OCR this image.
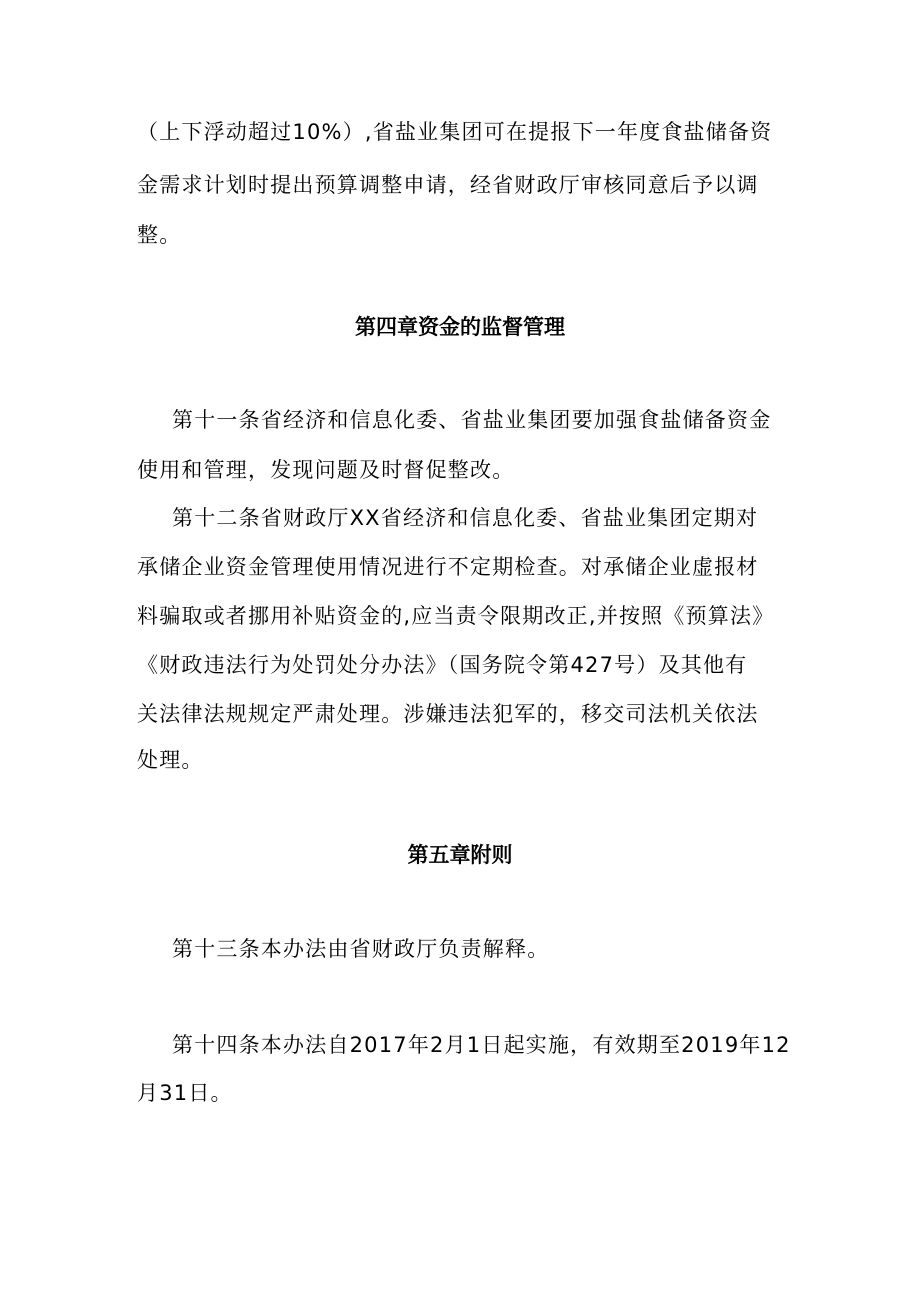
（上下浮动超过10%）,省盐业集团可在提报下一年度食盐储备资
金需求计划时提出预算调整申请，经省财政厅审核同意后予以调
整。
第四章资金的监督管理
第十一条省经济和信息化委、省盐业集团要加强食盐储备资金
使用和管理，发现问题及时督促整改。
第十二条省财政厅XX省经济和信息化委、省盐业集团定期对
承储企业资金管理使用情况进行不定期检查。对承储企业虚报材
料骗取或者挪用补贴资金的,应当责令限期改正,并按照《预算法》
《财政违法行为处罚处分办法》（国务院令第427号）及其他有
关法律法规规定严肃处理。涉嫌违法犯军的，移交司法机关依法
处理。
第五章附则
第十三条本办法由省财政厅负责解释。
第十四条本办法自2017年2月1日起实施，有效期至2019年12
月31日。
